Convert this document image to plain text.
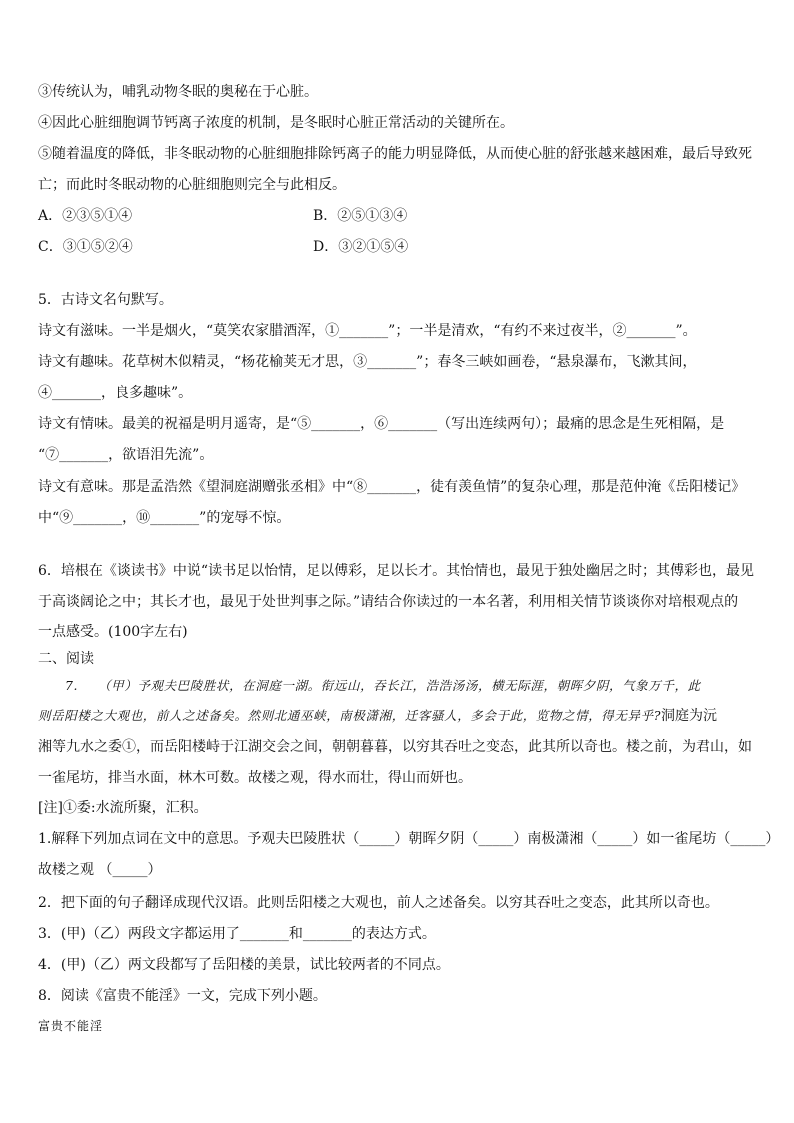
③传统认为，哺乳动物冬眠的奥秘在于心脏。
④因此心脏细胞调节钙离子浓度的机制，是冬眠时心脏正常活动的关键所在。
⑤随着温度的降低，非冬眠动物的心脏细胞排除钙离子的能力明显降低，从而使心脏的舒张越来越困难，最后导致死
亡；而此时冬眠动物的心脏细胞则完全与此相反。
A．②③⑤①④	B．②⑤①③④
C．③①⑤②④	D．③②①⑤④
5．古诗文名句默写。
诗文有滋味。一半是烟火，“莫笑农家腊酒浑，①_______”；一半是清欢，“有约不来过夜半，②_______”。
诗文有趣味。花草树木似精灵，“杨花榆荚无才思，③_______”；春冬三峡如画卷，“悬泉瀑布，飞漱其间，
④_______，良多趣味”。
诗文有情味。最美的祝福是明月遥寄，是“⑤_______，⑥_______（写出连续两句）；最痛的思念是生死相隔，是
“⑦_______，欲语泪先流”。
诗文有意味。那是孟浩然《望洞庭湖赠张丞相》中“⑧_______，徒有羡鱼情”的复杂心理，那是范仲淹《岳阳楼记》
中“⑨_______，⑩_______”的宠辱不惊。
6．培根在《谈读书》中说“读书足以怡情，足以傅彩，足以长才。其怡情也，最见于独处幽居之时；其傅彩也，最见
于高谈阔论之中；其长才也，最见于处世判事之际。”请结合你读过的一本名著，利用相关情节谈谈你对培根观点的
一点感受。(100字左右)
二、阅读
7.　　（甲）予观夫巴陵胜状，在洞庭一湖。衔远山，吞长江，浩浩汤汤，横无际涯，朝晖夕阴，气象万千，此
则岳阳楼之大观也，前人之述备矣。然则北通巫峡，南极潇湘，迁客骚人，多会于此，览物之情，得无异乎?洞庭为沅
湘等九水之委①，而岳阳楼峙于江湖交会之间，朝朝暮暮，以穷其吞吐之变态，此其所以奇也。楼之前，为君山，如
一雀尾坊，排当水面，林木可数。故楼之观，得水而壮，得山而妍也。
[注]①委:水流所聚，汇积。
1.解释下列加点词在文中的意思。予观夫巴陵胜状（_____）朝晖夕阴（_____）南极潇湘（_____）如一雀尾坊（_____）
故楼之观 （_____）
2．把下面的句子翻译成现代汉语。此则岳阳楼之大观也，前人之述备矣。以穷其吞吐之变态，此其所以奇也。
3．(甲)（乙）两段文字都运用了_______和_______的表达方式。
4．(甲)（乙）两文段都写了岳阳楼的美景，试比较两者的不同点。
8．阅读《富贵不能淫》一文，完成下列小题。
富贵不能淫
